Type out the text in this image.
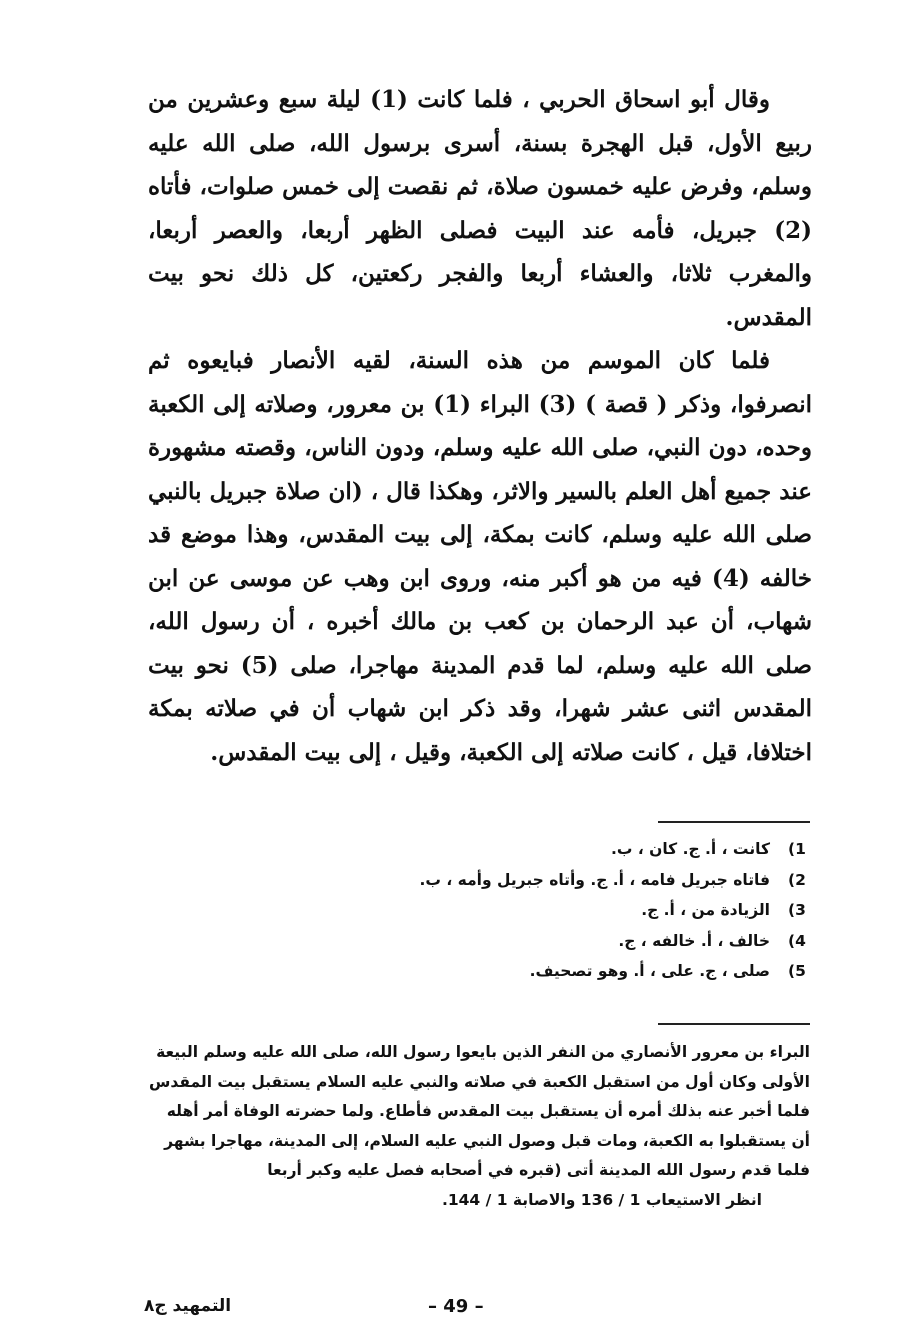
وقال أبو اسحاق الحربي ، فلما كانت (1) ليلة سبع وعشرين من ربيع الأول، قبل الهجرة بسنة، أسرى برسول الله، صلى الله عليه وسلم، وفرض عليه خمسون صلاة، ثم نقصت إلى خمس صلوات، فأتاه (2) جبريل، فأمه عند البيت فصلى الظهر أربعا، والعصر أربعا، والمغرب ثلاثا، والعشاء أربعا والفجر ركعتين، كل ذلك نحو بيت المقدس.

فلما كان الموسم من هذه السنة، لقيه الأنصار فبايعوه ثم انصرفوا، وذكر ( قصة ) (3) البراء (1) بن معرور، وصلاته إلى الكعبة وحده، دون النبي، صلى الله عليه وسلم، ودون الناس، وقصته مشهورة عند جميع أهل العلم بالسير والاثر، وهكذا قال ، (ان صلاة جبريل بالنبي صلى الله عليه وسلم، كانت بمكة، إلى بيت المقدس، وهذا موضع قد خالفه (4) فيه من هو أكبر منه، وروى ابن وهب عن موسى عن ابن شهاب، أن عبد الرحمان بن كعب بن مالك أخبره ، أن رسول الله، صلى الله عليه وسلم، لما قدم المدينة مهاجرا، صلى (5) نحو بيت المقدس اثنى عشر شهرا، وقد ذكر ابن شهاب أن في صلاته بمكة اختلافا، قيل ، كانت صلاته إلى الكعبة، وقيل ، إلى بيت المقدس.

(1
كانت ، أ. ج. كان ، ب.
(2
فاتاه جبريل فامه ، أ. ج. وأتاه جبريل وأمه ، ب.
(3
الزيادة من ، أ. ج.
(4
خالف ، أ. خالفه ، ج.
(5
صلى ، ج. على ، أ. وهو تصحيف.

البراء بن معرور الأنصاري من النفر الذين بايعوا رسول الله، صلى الله عليه وسلم البيعة

الأولى وكان أول من استقبل الكعبة في صلاته والنبي عليه السلام يستقبل بيت المقدس

فلما أخبر عنه بذلك أمره أن يستقبل بيت المقدس فأطاع. ولما حضرته الوفاة أمر أهله

أن يستقبلوا به الكعبة، ومات قبل وصول النبي عليه السلام، إلى المدينة، مهاجرا بشهر

فلما قدم رسول الله المدينة أتى (قبره في أصحابه فصل عليه وكبر أربعا

انظر الاستيعاب 1 / 136 والاصابة 1 / 144.

– 49 –
التمهيد ج٨
